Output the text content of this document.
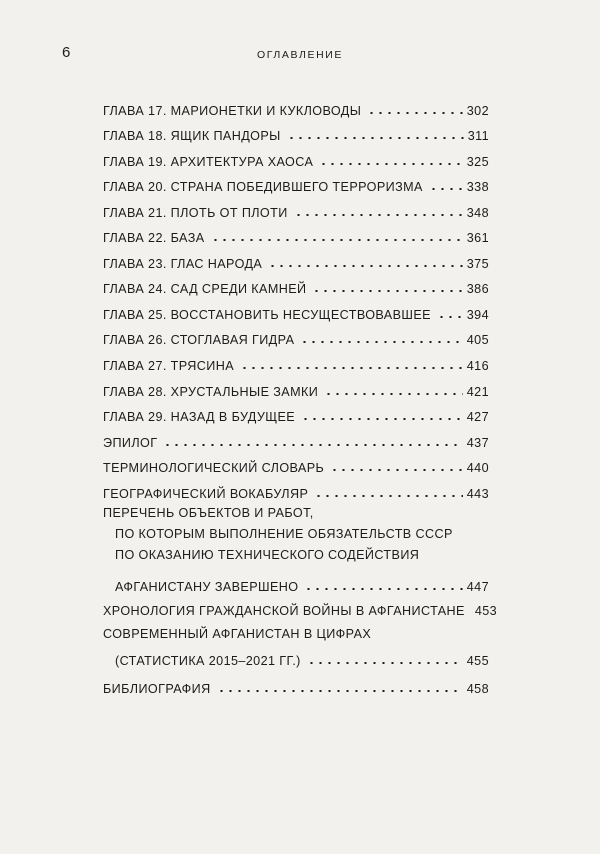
6	ОГЛАВЛЕНИЕ
ГЛАВА 17. МАРИОНЕТКИ И КУКЛОВОДЫ	302
ГЛАВА 18. ЯЩИК ПАНДОРЫ	311
ГЛАВА 19. АРХИТЕКТУРА ХАОСА	325
ГЛАВА 20. СТРАНА ПОБЕДИВШЕГО ТЕРРОРИЗМА	338
ГЛАВА 21. ПЛОТЬ ОТ ПЛОТИ	348
ГЛАВА 22. БАЗА	361
ГЛАВА 23. ГЛАС НАРОДА	375
ГЛАВА 24. САД СРЕДИ КАМНЕЙ	386
ГЛАВА 25. ВОССТАНОВИТЬ НЕСУЩЕСТВОВАВШЕЕ	394
ГЛАВА 26. СТОГЛАВАЯ ГИДРА	405
ГЛАВА 27. ТРЯСИНА	416
ГЛАВА 28. ХРУСТАЛЬНЫЕ ЗАМКИ	421
ГЛАВА 29. НАЗАД В БУДУЩЕЕ	427
ЭПИЛОГ	437
ТЕРМИНОЛОГИЧЕСКИЙ СЛОВАРЬ	440
ГЕОГРАФИЧЕСКИЙ ВОКАБУЛЯР	443
ПЕРЕЧЕНЬ ОБЪЕКТОВ И РАБОТ,
ПО КОТОРЫМ ВЫПОЛНЕНИЕ ОБЯЗАТЕЛЬСТВ СССР
ПО ОКАЗАНИЮ ТЕХНИЧЕСКОГО СОДЕЙСТВИЯ
АФГАНИСТАНУ ЗАВЕРШЕНО	447
ХРОНОЛОГИЯ ГРАЖДАНСКОЙ ВОЙНЫ В АФГАНИСТАНЕ 453
СОВРЕМЕННЫЙ АФГАНИСТАН В ЦИФРАХ
(СТАТИСТИКА 2015–2021 ГГ.)	455
БИБЛИОГРАФИЯ	458
